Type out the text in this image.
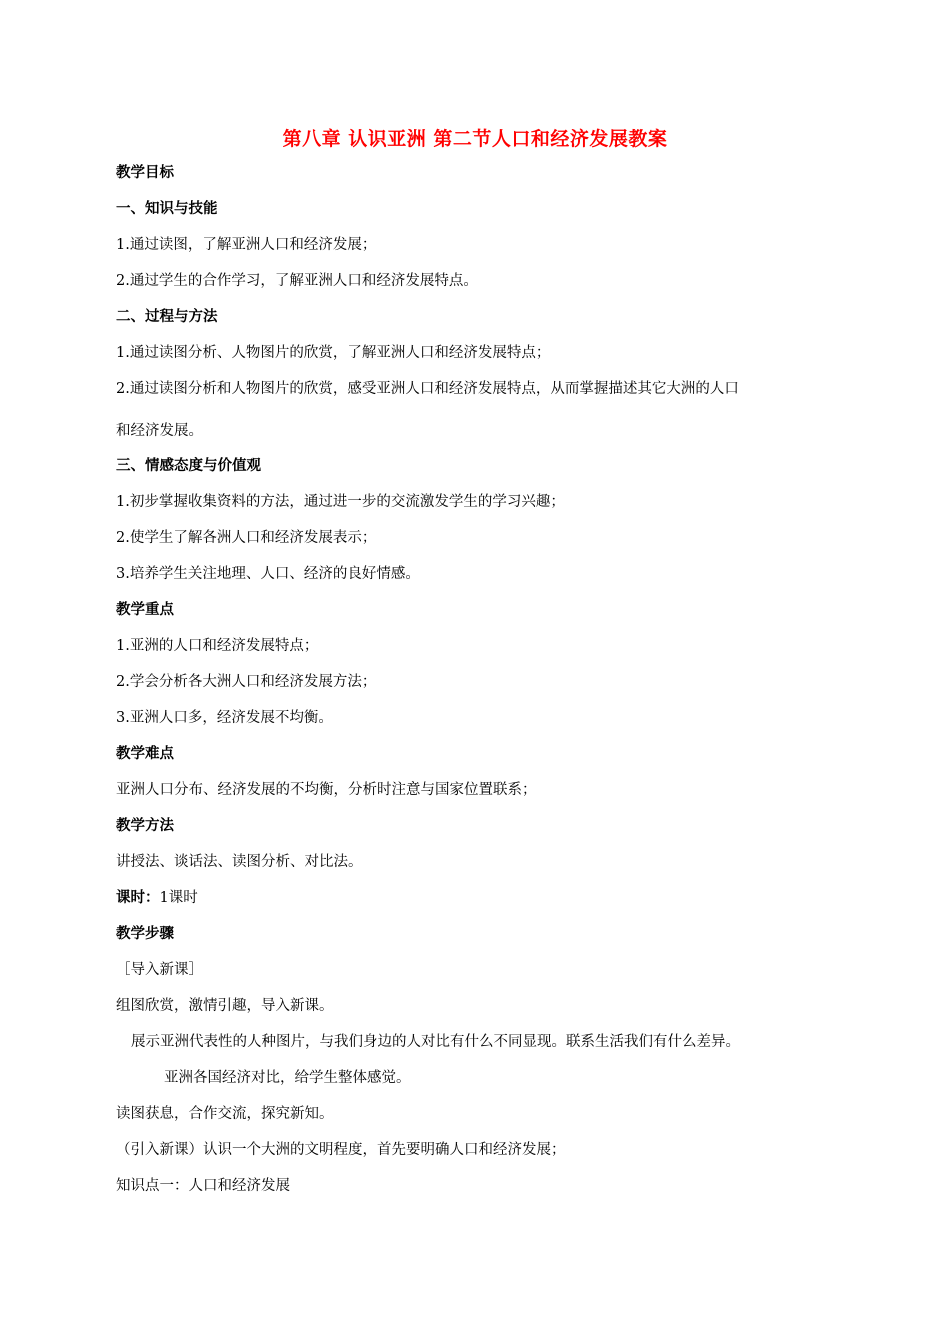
第八章 认识亚洲 第二节人口和经济发展教案
教学目标
一、知识与技能
1.通过读图，了解亚洲人口和经济发展；
2.通过学生的合作学习，了解亚洲人口和经济发展特点。
二、过程与方法
1.通过读图分析、人物图片的欣赏，了解亚洲人口和经济发展特点；
2.通过读图分析和人物图片的欣赏，感受亚洲人口和经济发展特点，从而掌握描述其它大洲的人口
和经济发展。
三、情感态度与价值观
1.初步掌握收集资料的方法，通过进一步的交流激发学生的学习兴趣；
2.使学生了解各洲人口和经济发展表示；
3.培养学生关注地理、人口、经济的良好情感。
教学重点
1.亚洲的人口和经济发展特点；
2.学会分析各大洲人口和经济发展方法；
3.亚洲人口多，经济发展不均衡。
教学难点
亚洲人口分布、经济发展的不均衡，分析时注意与国家位置联系；
教学方法
讲授法、谈话法、读图分析、对比法。
课时：1课时
教学步骤
［导入新课］
组图欣赏，激情引趣，导入新课。
展示亚洲代表性的人种图片，与我们身边的人对比有什么不同显现。联系生活我们有什么差异。
亚洲各国经济对比，给学生整体感觉。
读图获息，合作交流，探究新知。
（引入新课）认识一个大洲的文明程度，首先要明确人口和经济发展；
知识点一：人口和经济发展
